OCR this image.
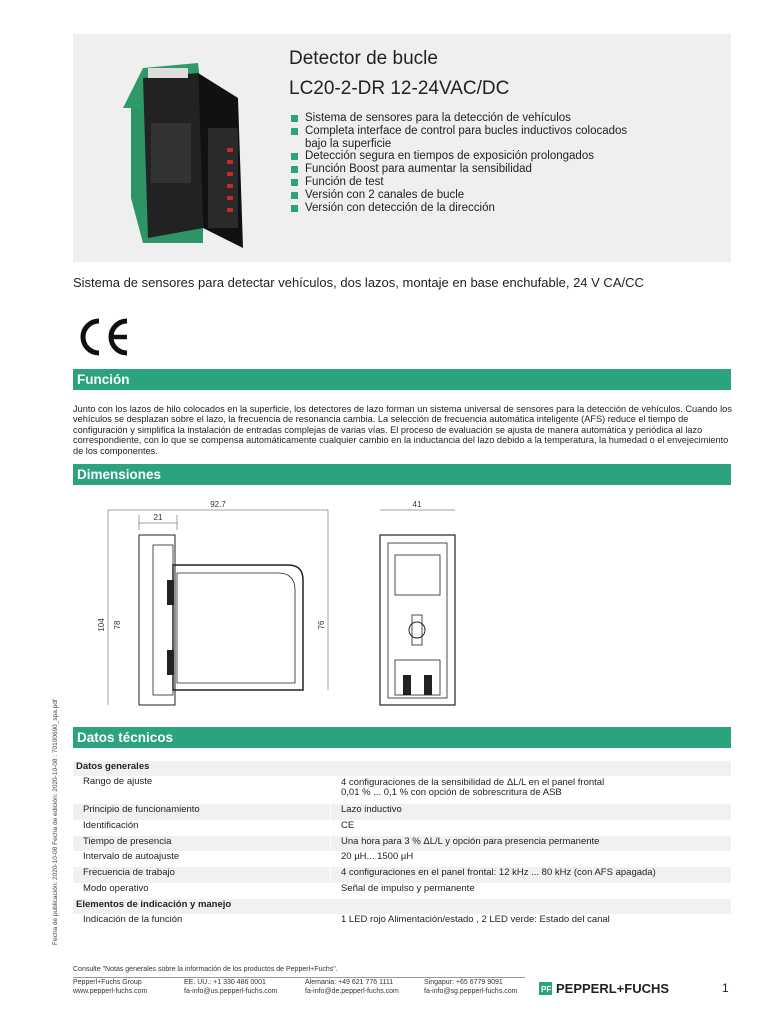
Detector de bucle
LC20-2-DR 12-24VAC/DC
Sistema de sensores para la detección de vehículos
Completa interface de control para bucles inductivos colocados bajo la superficie
Detección segura en tiempos de exposición prolongados
Función Boost para aumentar la sensibilidad
Función de test
Versión con 2 canales de bucle
Versión con detección de la dirección
Sistema de sensores para detectar vehículos, dos lazos, montaje en base enchufable, 24 V CA/CC
Función
Junto con los lazos de hilo colocados en la superficie, los detectores de lazo forman un sistema universal de sensores para la detección de vehículos. Cuando los vehículos se desplazan sobre el lazo, la frecuencia de resonancia cambia. La selección de frecuencia automática inteligente (AFS) reduce el tiempo de configuración y simplifica la instalación de entradas complejas de varias vías. El proceso de evaluación se ajusta de manera automática y periódica al lazo correspondiente, con lo que se compensa automáticamente cualquier cambio en la inductancia del lazo debido a la temperatura, la humedad o el envejecimiento de los componentes.
Dimensiones
92.7
21
104 78	76
41
Datos técnicos
Datos generales	
Rango de ajuste	4 configuraciones de la sensibilidad de ΔL/L en el panel frontal
0,01 % ... 0,1 % con opción de sobrescritura de ASB
Principio de funcionamiento	Lazo inductivo
Identificación	CE
Tiempo de presencia	Una hora para 3 % ΔL/L y opción para presencia permanente
Intervalo de autoajuste	20 µH... 1500 µH
Frecuencia de trabajo	4 configuraciones en el panel frontal: 12 kHz ... 80 kHz (con AFS apagada)
Modo operativo	Señal de impulso y permanente
Elementos de indicación y manejo	
Indicación de la función	1 LED rojo Alimentación/estado , 2 LED verde: Estado del canal
Fecha de publicación: 2020-10-08 Fecha de edición: 2020-10-08 : 70100690_spa.pdf
Consulte "Notas generales sobre la información de los productos de Pepperl+Fuchs".
Pepperl+Fuchs Group
www.pepperl-fuchs.com
EE. UU.: +1 330 486 0001
fa-info@us.pepperl-fuchs.com
Alemania: +49 621 776 1111
fa-info@de.pepperl-fuchs.com
Singapur: +65 6779 9091
fa-info@sg.pepperl-fuchs.com	PF PEPPERL+FUCHS	1
